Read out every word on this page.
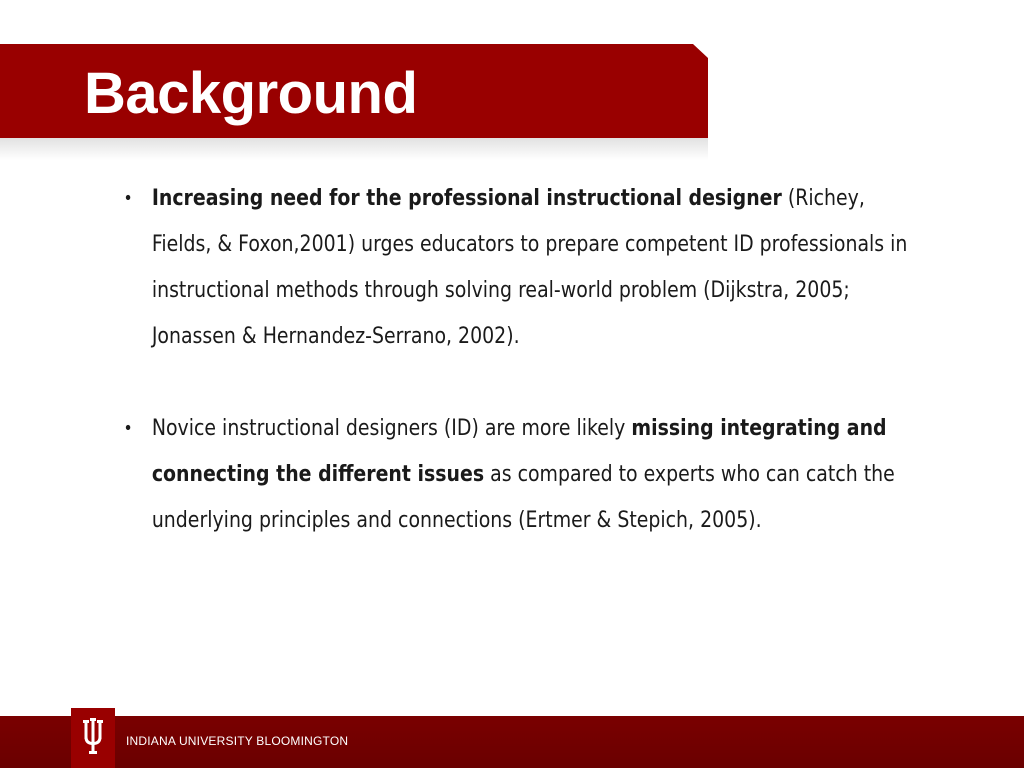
Background
• Increasing need for the professional instructional designer (Richey, Fields, & Foxon,2001) urges educators to prepare competent ID professionals in instructional methods through solving real-world problem (Dijkstra, 2005; Jonassen & Hernandez-Serrano, 2002).
• Novice instructional designers (ID) are more likely missing integrating and connecting the different issues as compared to experts who can catch the underlying principles and connections (Ertmer & Stepich, 2005).
INDIANA UNIVERSITY BLOOMINGTON
